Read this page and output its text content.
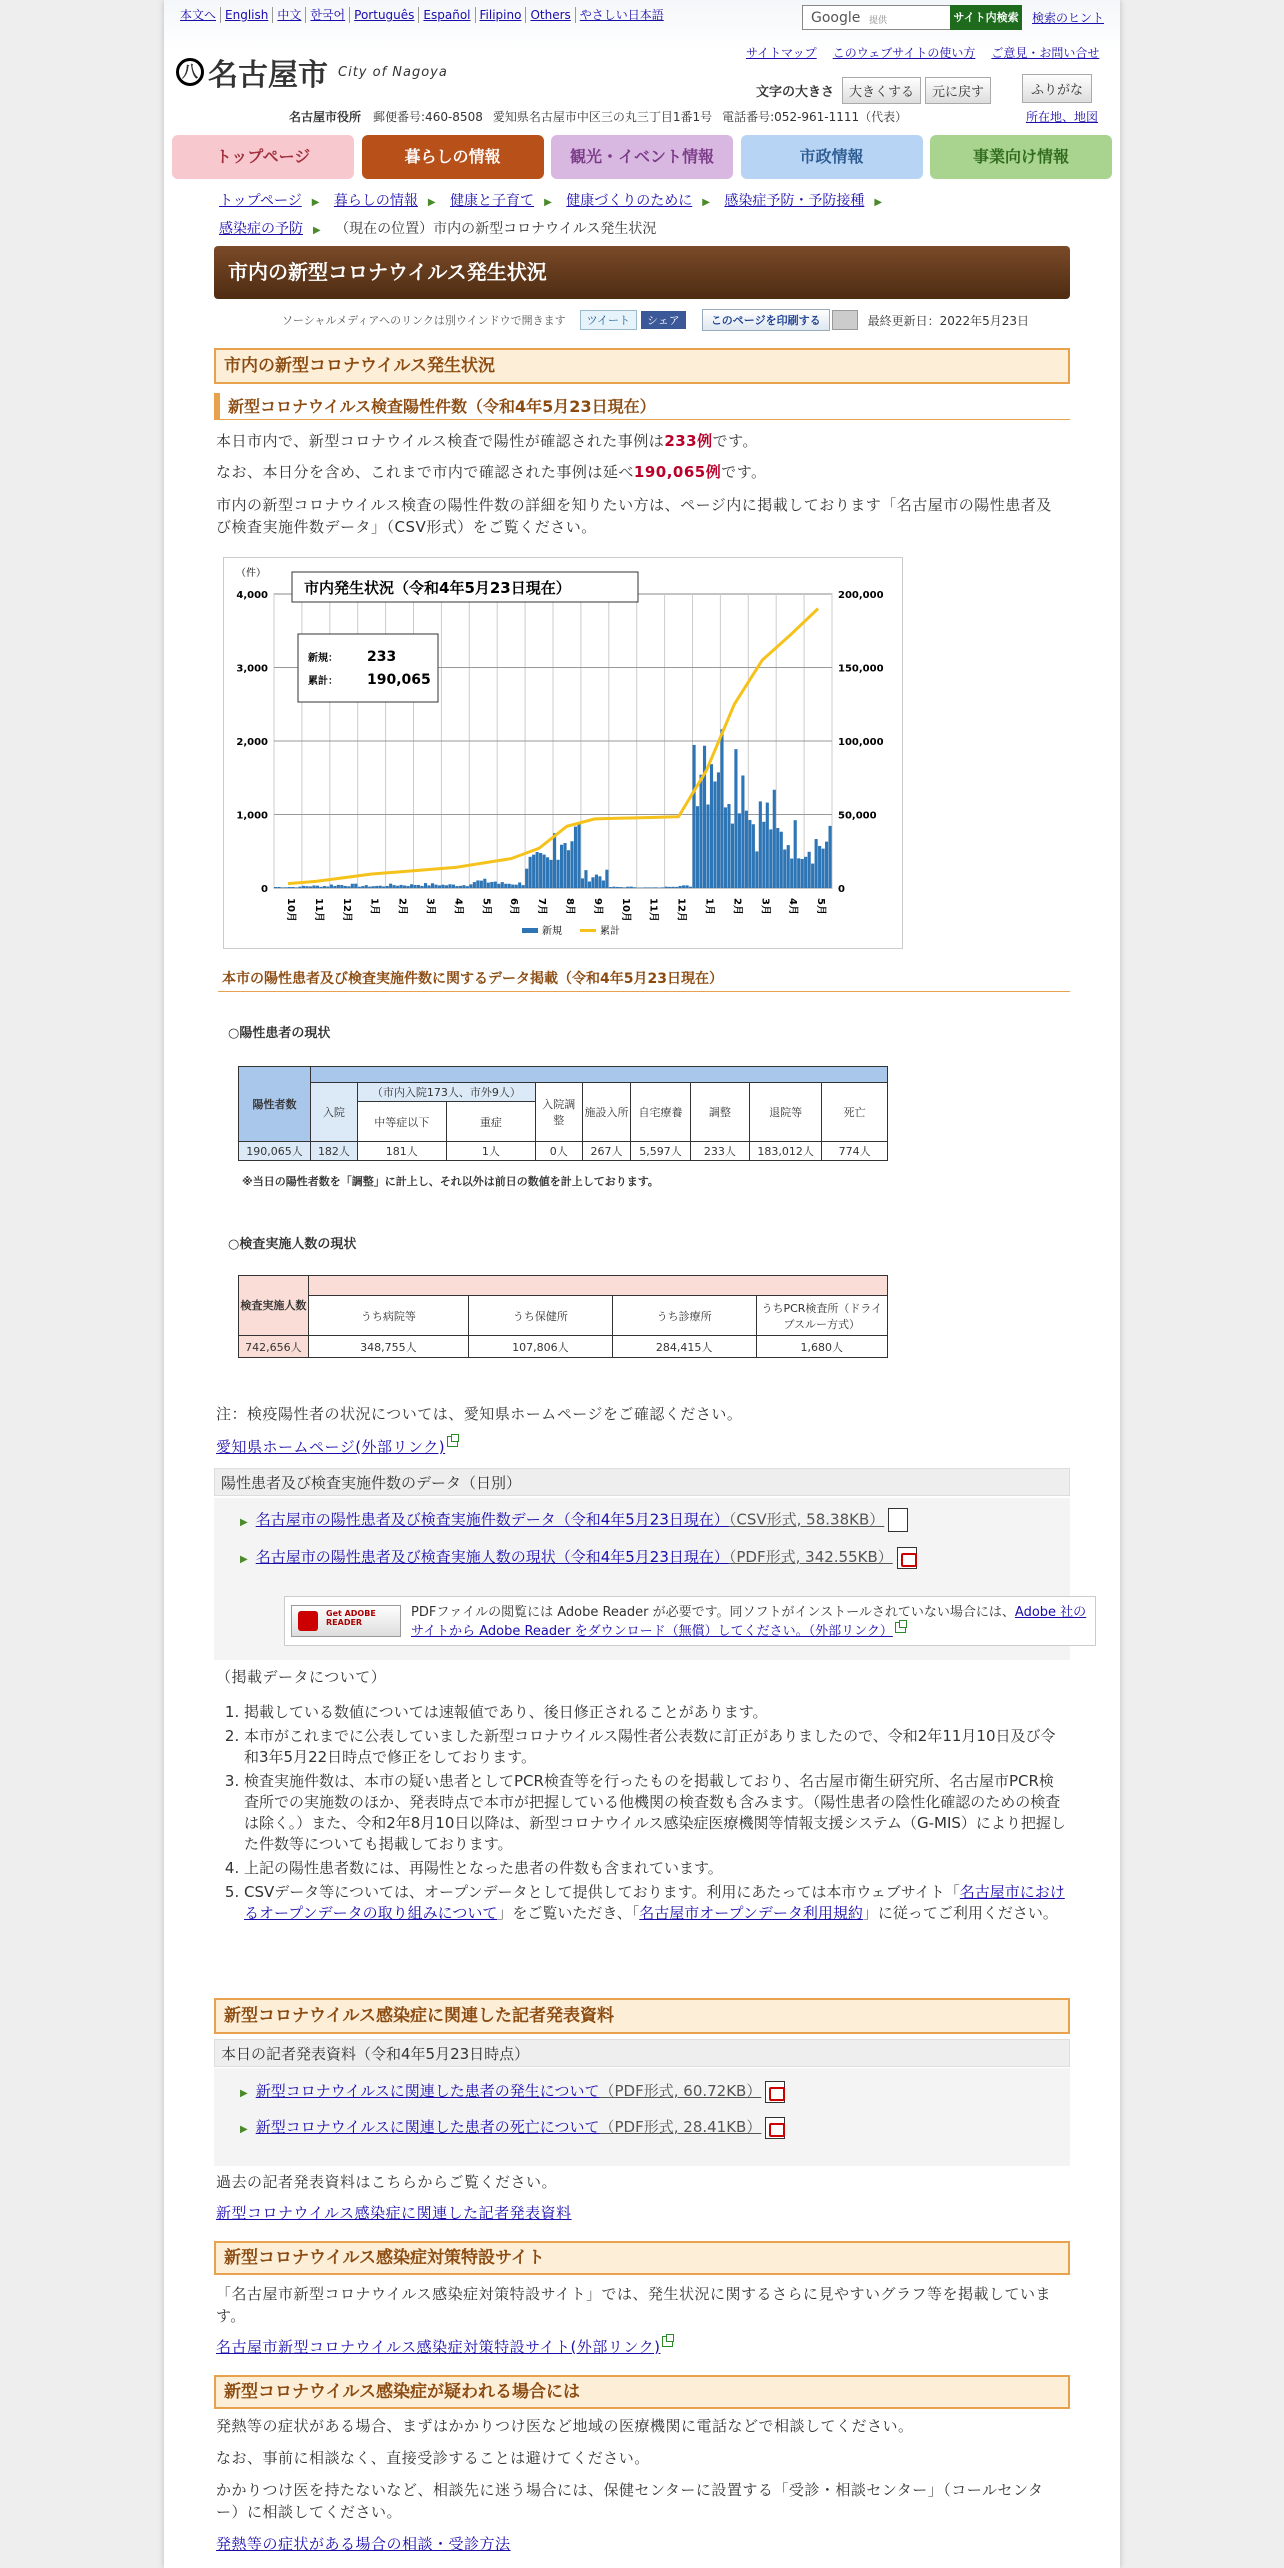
本文へ English 中文 한국어 Português Español Filipino Others やさしい日本語	Google 提供	サイト内検索 検索のヒント
八 名古屋市 City of Nagoya
サイトマップ このウェブサイトの使い方 ご意見・お問い合せ
文字の大きさ	大きくする	元に戻す	ふりがな
名古屋市役所 郵便番号:460-8508 愛知県名古屋市中区三の丸三丁目1番1号 電話番号:052-961-1111（代表）	所在地、地図
トップページ	暮らしの情報	観光・イベント情報	市政情報	事業向け情報
トップページ ▶ 暮らしの情報 ▶ 健康と子育て ▶ 健康づくりのために ▶ 感染症予防・予防接種 ▶
感染症の予防 ▶ （現在の位置）市内の新型コロナウイルス発生状況
市内の新型コロナウイルス発生状況
ソーシャルメディアへのリンクは別ウインドウで開きます	ツイート	シェア	このページを印刷する	最終更新日：2022年5月23日
市内の新型コロナウイルス発生状況
新型コロナウイルス検査陽性件数（令和4年5月23日現在）
本日市内で、新型コロナウイルス検査で陽性が確認された事例は233例です。
なお、本日分を含め、これまで市内で確認された事例は延べ190,065例です。
市内の新型コロナウイルス検査の陽性件数の詳細を知りたい方は、ページ内に掲載しております「名古屋市の陽性患者及び検査実施件数データ」（CSV形式）をご覧ください。
（件）
市内発生状況（令和4年5月23日現在）
新規： 233
累計： 190,065
0
1,000
2,000
3,000
4,000
0
50,000
100,000
150,000
200,000
10月 11月 12月 1月 2月 3月 4月 5月 6月 7月 8月 9月 10月 11月 12月 1月 2月 3月 4月 5月
新規	累計
本市の陽性患者及び検査実施件数に関するデータ掲載（令和4年5月23日現在）
○陽性患者の現状
陽性者数									
	入院	（市内入院173人、市外9人）		入院調整	施設入所	自宅療養	調整	退院等	死亡
		中等症以下	重症						
190,065人	182人	181人	1人	0人	267人	5,597人	233人	183,012人	774人
※当日の陽性者数を「調整」に計上し、それ以外は前日の数値を計上しております。
○検査実施人数の現状
検査実施人数				
	うち病院等	うち保健所	うち診療所	うちPCR検査所（ドライブスルー方式）
742,656人	348,755人	107,806人	284,415人	1,680人
注：検疫陽性者の状況については、愛知県ホームページをご確認ください。
愛知県ホームページ(外部リンク)
陽性患者及び検査実施件数のデータ（日別）
▶ 名古屋市の陽性患者及び検査実施件数データ（令和4年5月23日現在）（CSV形式, 58.38KB）
▶ 名古屋市の陽性患者及び検査実施人数の現状（令和4年5月23日現在）（PDF形式, 342.55KB）
Get ADOBE READER
PDFファイルの閲覧には Adobe Reader が必要です。同ソフトがインストールされていない場合には、Adobe 社のサイトから Adobe Reader をダウンロード（無償）してください。（外部リンク）
（掲載データについて）
1. 掲載している数値については速報値であり、後日修正されることがあります。
2. 本市がこれまでに公表していました新型コロナウイルス陽性者公表数に訂正がありましたので、令和2年11月10日及び令和3年5月22日時点で修正をしております。
3. 検査実施件数は、本市の疑い患者としてPCR検査等を行ったものを掲載しており、名古屋市衛生研究所、名古屋市PCR検査所での実施数のほか、発表時点で本市が把握している他機関の検査数も含みます。（陽性患者の陰性化確認のための検査は除く。）また、令和2年8月10日以降は、新型コロナウイルス感染症医療機関等情報支援システム（G-MIS）により把握した件数等についても掲載しております。
4. 上記の陽性患者数には、再陽性となった患者の件数も含まれています。
5. CSVデータ等については、オープンデータとして提供しております。利用にあたっては本市ウェブサイト「名古屋市におけるオープンデータの取り組みについて」をご覧いただき、「名古屋市オープンデータ利用規約」に従ってご利用ください。
新型コロナウイルス感染症に関連した記者発表資料
本日の記者発表資料（令和4年5月23日時点）
▶ 新型コロナウイルスに関連した患者の発生について（PDF形式, 60.72KB）
▶ 新型コロナウイルスに関連した患者の死亡について（PDF形式, 28.41KB）
過去の記者発表資料はこちらからご覧ください。
新型コロナウイルス感染症に関連した記者発表資料
新型コロナウイルス感染症対策特設サイト
「名古屋市新型コロナウイルス感染症対策特設サイト」では、発生状況に関するさらに見やすいグラフ等を掲載しています。
名古屋市新型コロナウイルス感染症対策特設サイト(外部リンク)
新型コロナウイルス感染症が疑われる場合には
発熱等の症状がある場合、まずはかかりつけ医など地域の医療機関に電話などで相談してください。
なお、事前に相談なく、直接受診することは避けてください。
かかりつけ医を持たないなど、相談先に迷う場合には、保健センターに設置する「受診・相談センター」（コールセンター）に相談してください。
発熱等の症状がある場合の相談・受診方法
